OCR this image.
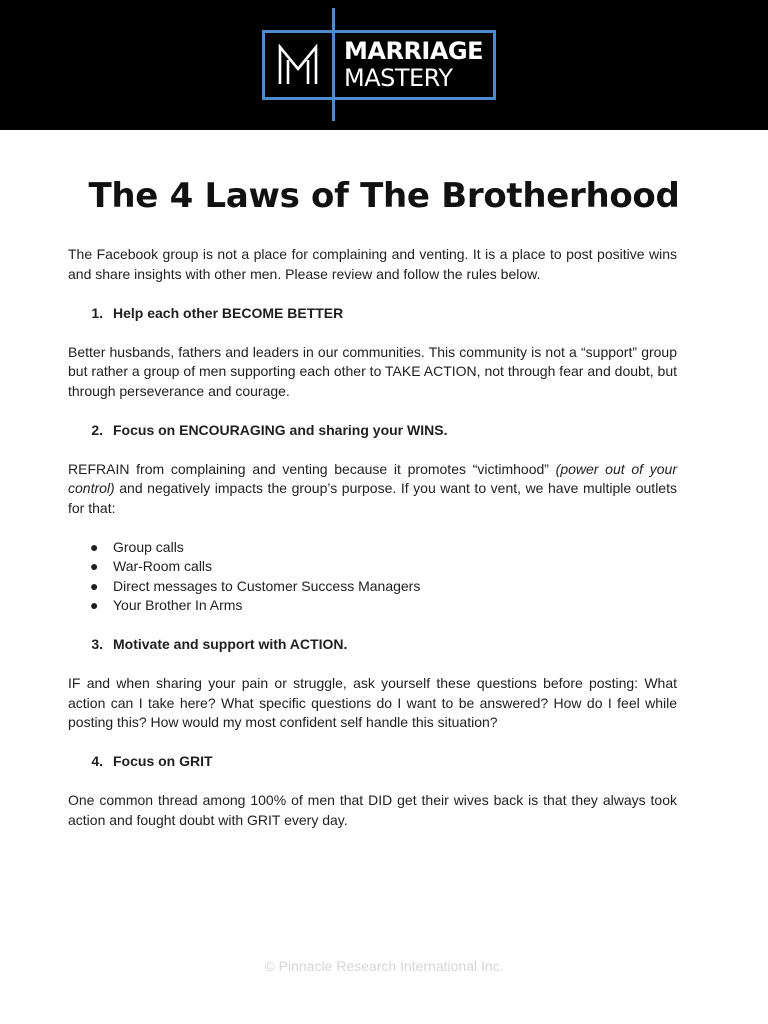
MARRIAGE
MASTERY
The 4 Laws of The Brotherhood

The Facebook group is not a place for complaining and venting. It is a place to post positive wins and share insights with other men. Please review and follow the rules below.

1. Help each other BECOME BETTER

Better husbands, fathers and leaders in our communities. This community is not a “support” group but rather a group of men supporting each other to TAKE ACTION, not through fear and doubt, but through perseverance and courage.

2. Focus on ENCOURAGING and sharing your WINS.

REFRAIN from complaining and venting because it promotes “victimhood” (power out of your control) and negatively impacts the group’s purpose. If you want to vent, we have multiple outlets for that:

●	Group calls
●	War-Room calls
●	Direct messages to Customer Success Managers
●	Your Brother In Arms
3. Motivate and support with ACTION.

IF and when sharing your pain or struggle, ask yourself these questions before posting: What action can I take here? What specific questions do I want to be answered? How do I feel while posting this? How would my most confident self handle this situation?

4. Focus on GRIT

One common thread among 100% of men that DID get their wives back is that they always took action and fought doubt with GRIT every day.

© Pinnacle Research International Inc.
